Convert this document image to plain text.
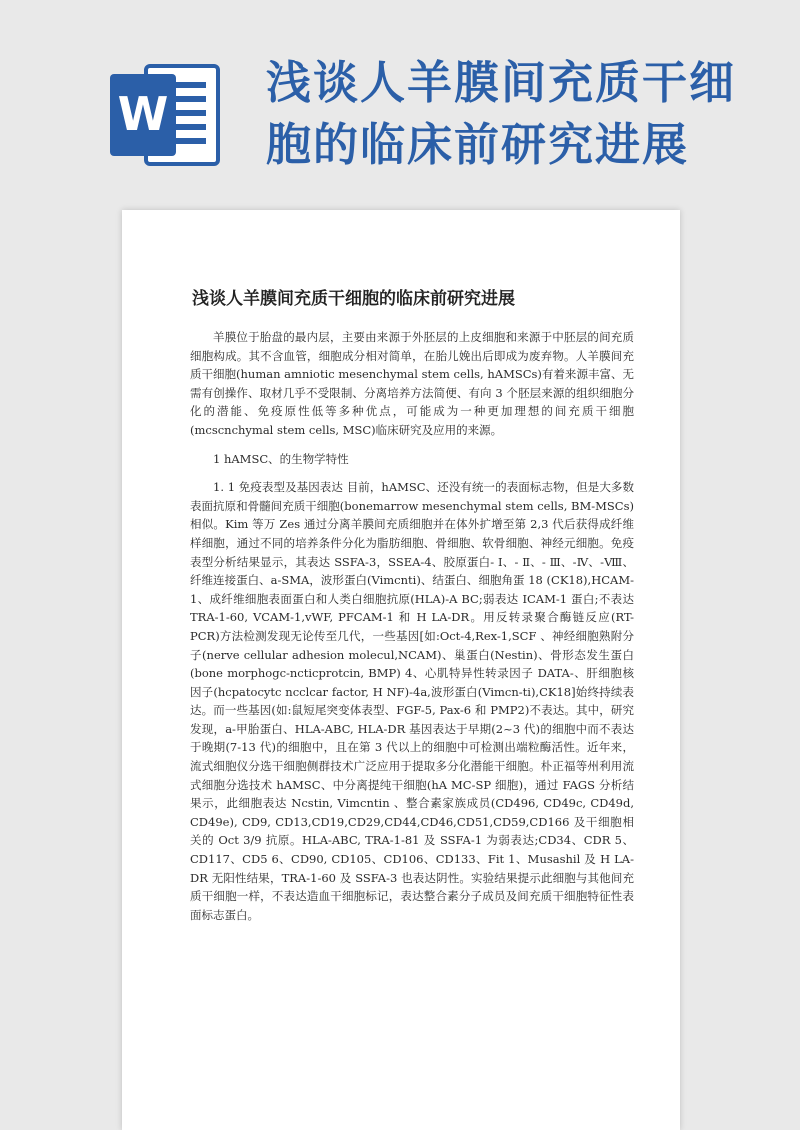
W
浅谈人羊膜间充质干细
胞的临床前研究进展
浅谈人羊膜间充质干细胞的临床前研究进展

羊膜位于胎盘的最内层，主要由来源于外胚层的上皮细胞和来源于中胚层的间充质细胞构成。其不含血管，细胞成分相对简单，在胎儿娩出后即成为废弃物。人羊膜间充质干细胞(human amniotic mesenchymal stem cells, hAMSCs)有着来源丰富、无需有创操作、取材几乎不受限制、分离培养方法简便、有向 3 个胚层来源的组织细胞分化的潜能、免疫原性低等多种优点，可能成为一种更加理想的间充质干细胞(mcscnchymal stem cells, MSC)临床研究及应用的来源。

1 hAMSC、的生物学特性

1. 1 免疫表型及基因表达 目前，hAMSC、还没有统一的表面标志物，但是大多数表面抗原和骨髓间充质干细胞(bonemarrow mesenchymal stem cells, BM-MSCs)相似。Kim 等万 Zes 通过分离羊膜间充质细胞并在体外扩增至第 2,3 代后获得成纤维样细胞，通过不同的培养条件分化为脂肪细胞、骨细胞、软骨细胞、神经元细胞。免疫表型分析结果显示，其表达 SSFA-3，SSEA-4、胶原蛋白- Ⅰ、- Ⅱ、- Ⅲ、-Ⅳ、-Ⅷ、纤维连接蛋白、a-SMA，波形蛋白(Vimcnti)、结蛋白、细胞角蛋 18 (CK18),HCAM-1、成纤维细胞表面蛋白和人类白细胞抗原(HLA)-A BC;弱表达 ICAM-1 蛋白;不表达 TRA-1-60, VCAM-1,vWF, PFCAM-1 和 H LA-DR。用反转录聚合酶链反应(RT-PCR)方法检测发现无论传至几代，一些基因[如:Oct-4,Rex-1,SCF 、神经细胞熟附分子(nerve cellular adhesion molecul,NCAM)、巢蛋白(Nestin)、骨形态发生蛋白(bone morphogc-ncticprotcin, BMP) 4、心肌特异性转录因子 DATA-、肝细胞核因子(hcpatocytc ncclcar factor, H NF)-4a,波形蛋白(Vimcn-ti),CK18]始终持续表达。而一些基因(如:鼠短尾突变体表型、FGF-5, Pax-6 和 PMP2)不表达。其中，研究发现，a-甲胎蛋白、HLA-ABC, HLA-DR 基因表达于早期(2~3 代)的细胞中而不表达于晚期(7-13 代)的细胞中，且在第 3 代以上的细胞中可检测出端粒酶活性。近年来，流式细胞仪分选干细胞侧群技术广泛应用于提取多分化潜能干细胞。朴正福等州利用流式细胞分选技术 hAMSC、中分离提纯干细胞(hA MC-SP 细胞)，通过 FAGS 分析结果示，此细胞表达 Ncstin, Vimcntin 、整合素家族成员(CD496, CD49c, CD49d, CD49e), CD9, CD13,CD19,CD29,CD44,CD46,CD51,CD59,CD166 及干细胞相关的 Oct 3/9 抗原。HLA-ABC, TRA-1-81 及 SSFA-1 为弱表达;CD34、CDR 5、CD117、CD5 6、CD90, CD105、CD106、CD133、Fit 1、Musashil 及 H LA-DR 无阳性结果，TRA-1-60 及 SSFA-3 也表达阴性。实验结果提示此细胞与其他间充质干细胞一样，不表达造血干细胞标记，表达整合素分子成员及间充质干细胞特征性表面标志蛋白。
